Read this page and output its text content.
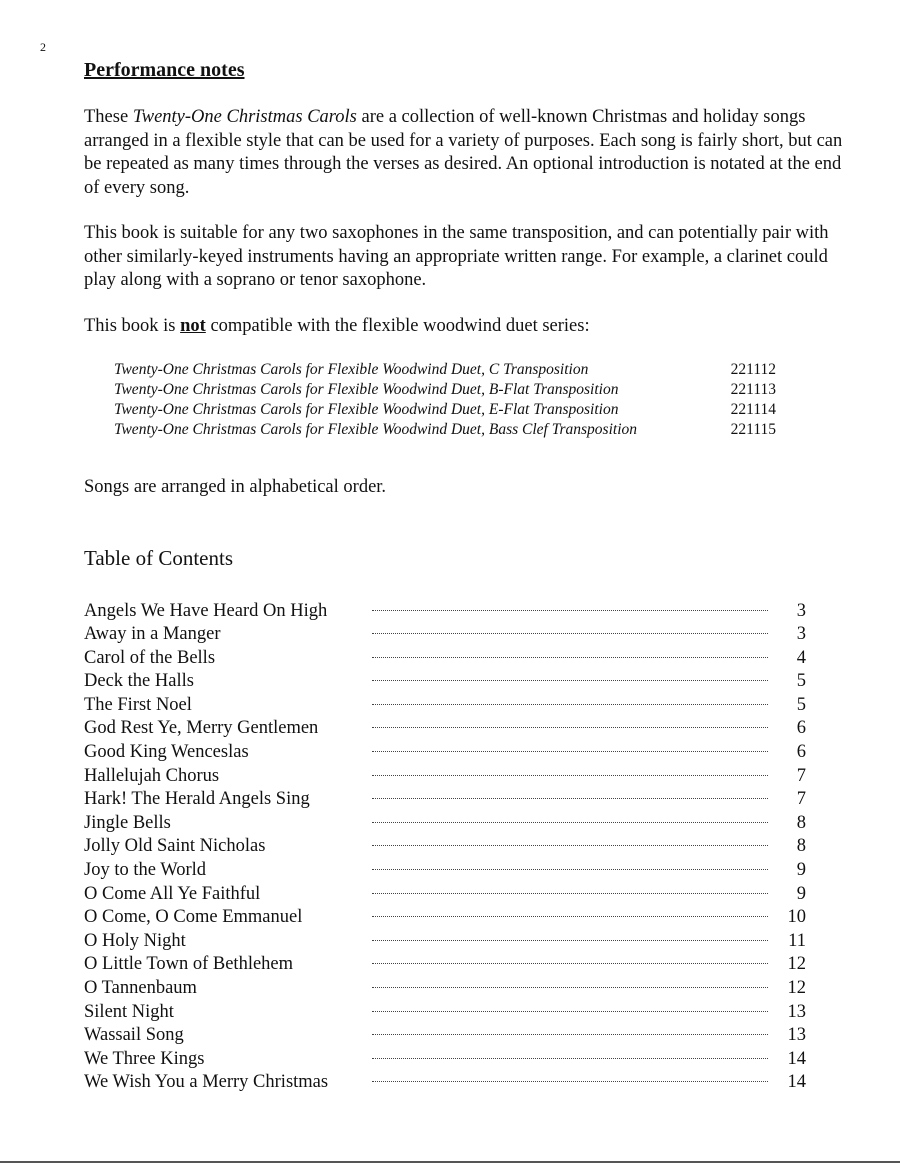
2
Performance notes

These Twenty-One Christmas Carols are a collection of well-known Christmas and holiday songs arranged in a flexible style that can be used for a variety of purposes. Each song is fairly short, but can be repeated as many times through the verses as desired. An optional introduction is notated at the end of every song.

This book is suitable for any two saxophones in the same transposition, and can potentially pair with other similarly-keyed instruments having an appropriate written range. For example, a clarinet could play along with a soprano or tenor saxophone.

This book is not compatible with the flexible woodwind duet series:

Twenty-One Christmas Carols for Flexible Woodwind Duet, C Transposition	221112
Twenty-One Christmas Carols for Flexible Woodwind Duet, B-Flat Transposition	221113
Twenty-One Christmas Carols for Flexible Woodwind Duet, E-Flat Transposition	221114
Twenty-One Christmas Carols for Flexible Woodwind Duet, Bass Clef Transposition	221115

Songs are arranged in alphabetical order.

Table of Contents
Angels We Have Heard On High	3
Away in a Manger	3
Carol of the Bells	4
Deck the Halls	5
The First Noel	5
God Rest Ye, Merry Gentlemen	6
Good King Wenceslas	6
Hallelujah Chorus	7
Hark! The Herald Angels Sing	7
Jingle Bells	8
Jolly Old Saint Nicholas	8
Joy to the World	9
O Come All Ye Faithful	9
O Come, O Come Emmanuel	10
O Holy Night	11
O Little Town of Bethlehem	12
O Tannenbaum	12
Silent Night	13
Wassail Song	13
We Three Kings	14
We Wish You a Merry Christmas	14
